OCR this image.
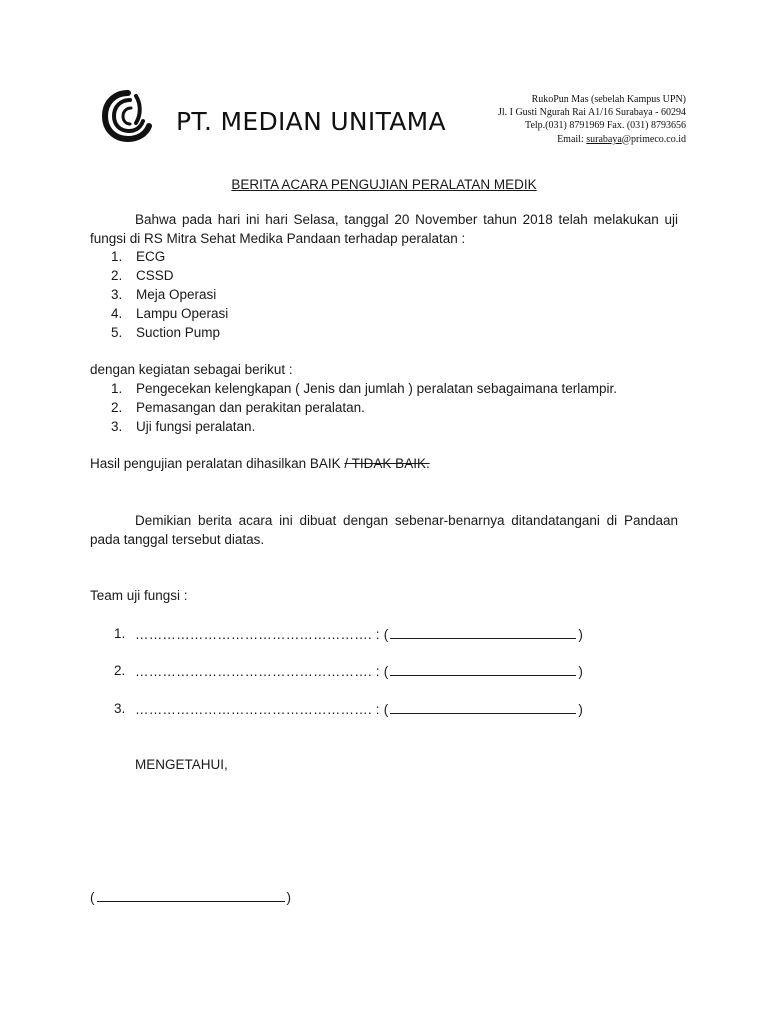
PT. MEDIAN UNITAMA
RukoPun Mas (sebelah Kampus UPN)
Jl. I Gusti Ngurah Rai A1/16 Surabaya - 60294
Telp.(031) 8791969 Fax. (031) 8793656
Email: surabaya@primeco.co.id
BERITA ACARA PENGUJIAN PERALATAN MEDIK
Bahwa pada hari ini hari Selasa, tanggal 20 November tahun 2018 telah melakukan uji fungsi di RS Mitra Sehat Medika Pandaan terhadap peralatan :
1. ECG
2. CSSD
3. Meja Operasi
4. Lampu Operasi
5. Suction Pump
dengan kegiatan sebagai berikut :
1. Pengecekan kelengkapan ( Jenis dan jumlah ) peralatan sebagaimana terlampir.
2. Pemasangan dan perakitan peralatan.
3. Uji fungsi peralatan.
Hasil pengujian peralatan dihasilkan BAIK / TIDAK BAIK.
Demikian berita acara ini dibuat dengan sebenar-benarnya ditandatangani di Pandaan pada tanggal tersebut diatas.
Team uji fungsi :
1. ……………………………………………. : (	)
2. ……………………………………………. : (	)
3. ……………………………………………. : (	)
MENGETAHUI,
(	)
